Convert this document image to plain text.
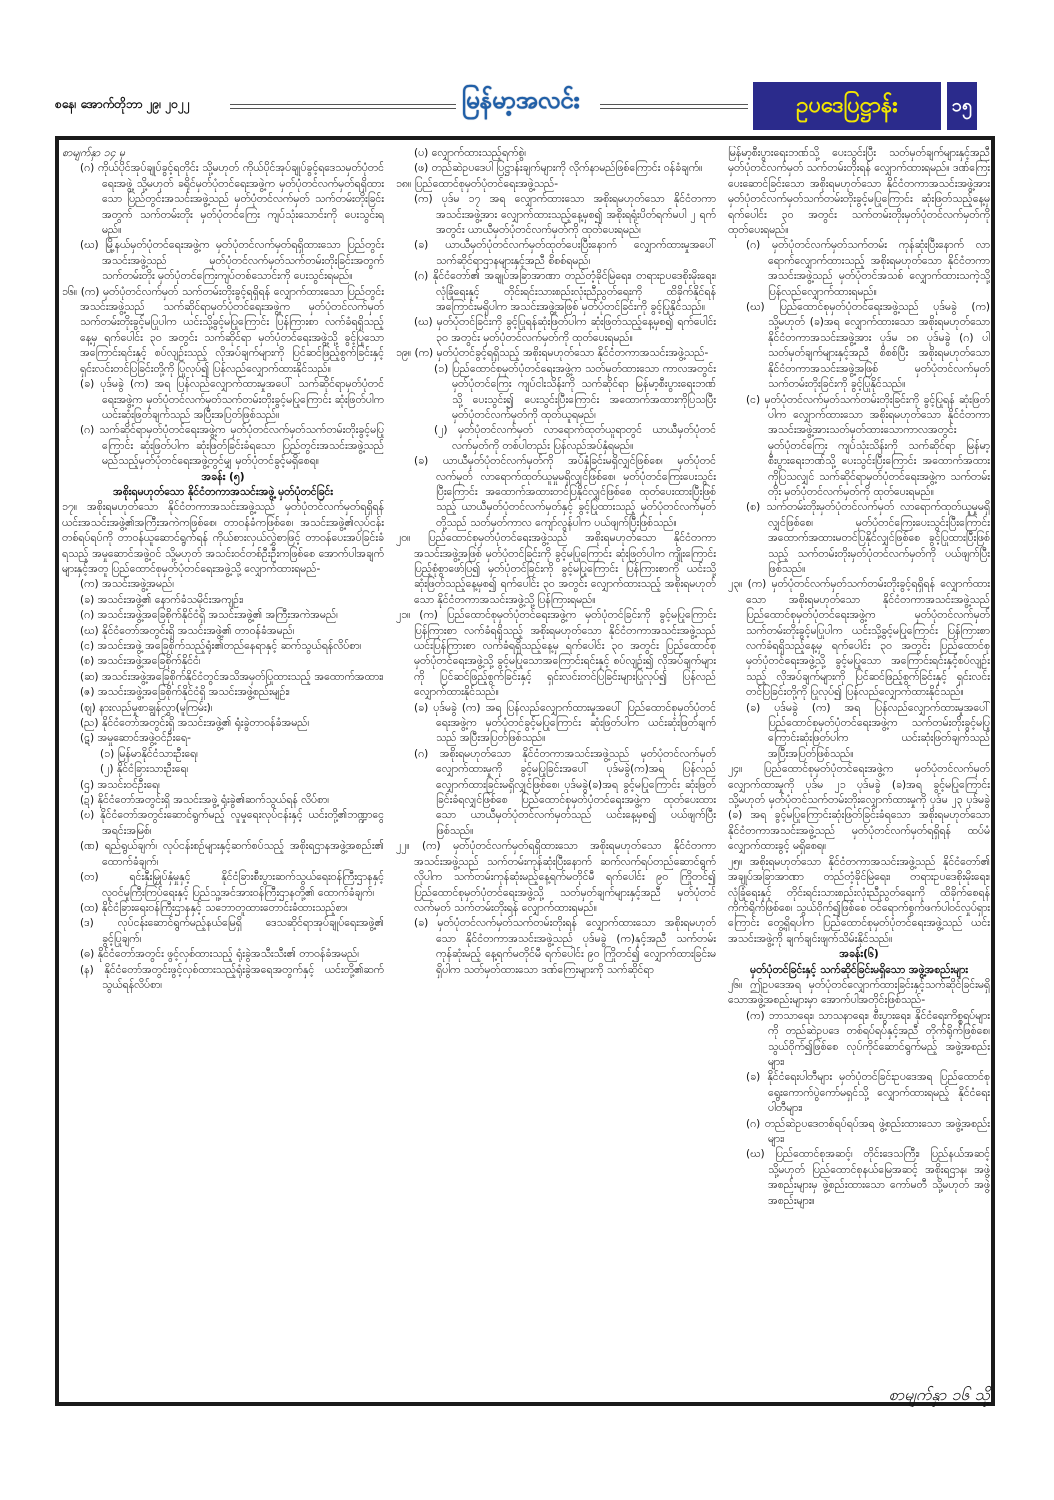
စနေ၊ အောက်တိုဘာ ၂၉၊ ၂၀၂၂	မြန်မာ့အလင်း	ဥပဒေပြဋ္ဌာန်း	၁၅

စာမျက်နှာ ၁၄ မှ

(ဂ) ကိုယ်ပိုင်အုပ်ချုပ်ခွင့်ရတိုင်း သို့မဟုတ် ကိုယ်ပိုင်အုပ်ချုပ်ခွင့်ရဒေသမှတ်ပုံတင်ရေးအဖွဲ့ သို့မဟုတ် ခရိုင်မှတ်ပုံတင်ရေးအဖွဲ့က မှတ်ပုံတင်လက်မှတ်ရရှိထားသော ပြည်တွင်းအသင်းအဖွဲ့သည် မှတ်ပုံတင်လက်မှတ် သက်တမ်းတိုးခြင်းအတွက် သက်တမ်းတိုး မှတ်ပုံတင်ကြေး ကျပ်သုံးသောင်းကို ပေးသွင်းရမည်။

(ဃ) မြို့နယ်မှတ်ပုံတင်ရေးအဖွဲ့က မှတ်ပုံတင်လက်မှတ်ရရှိထားသော ပြည်တွင်းအသင်းအဖွဲ့သည် မှတ်ပုံတင်လက်မှတ်သက်တမ်းတိုးခြင်းအတွက် သက်တမ်းတိုး မှတ်ပုံတင်ကြေးကျပ်တစ်သောင်းကို ပေးသွင်းရမည်။

၁၆။ (က) မှတ်ပုံတင်လက်မှတ် သက်တမ်းတိုးခွင့်ရရှိရန် လျှောက်ထားသော ပြည်တွင်းအသင်းအဖွဲ့သည် သက်ဆိုင်ရာမှတ်ပုံတင်ရေးအဖွဲ့က မှတ်ပုံတင်လက်မှတ် သက်တမ်းတိုးခွင့်မပြုပါက ယင်းသို့ခွင့်မပြုကြောင်း ပြန်ကြားစာ လက်ခံရရှိသည့်နေ့မှ ရက်ပေါင်း ၃၀ အတွင်း သက်ဆိုင်ရာ မှတ်ပုံတင်ရေးအဖွဲ့သို့ ခွင့်ပြုသော အကြောင်းရင်းနှင့် စပ်လျဉ်းသည့် လိုအပ်ချက်များကို ပြင်ဆင်ဖြည့်စွက်ခြင်းနှင့် ရှင်းလင်းတင်ပြခြင်းတို့ကို ပြုလုပ်၍ ပြန်လည်လျှောက်ထားနိုင်သည်။

(ခ) ပုဒ်မခွဲ (က) အရ ပြန်လည်လျှောက်ထားမှုအပေါ် သက်ဆိုင်ရာမှတ်ပုံတင်ရေးအဖွဲ့က မှတ်ပုံတင်လက်မှတ်သက်တမ်းတိုးခွင့်မပြုကြောင်း ဆုံးဖြတ်ပါက ယင်းဆုံးဖြတ်ချက်သည် အပြီးအပြတ်ဖြစ်သည်။

(ဂ) သက်ဆိုင်ရာမှတ်ပုံတင်ရေးအဖွဲ့က မှတ်ပုံတင်လက်မှတ်သက်တမ်းတိုးခွင့်မပြုကြောင်း ဆုံးဖြတ်ပါက ဆုံးဖြတ်ခြင်းခံရသော ပြည်တွင်းအသင်းအဖွဲ့သည် မည်သည့်မှတ်ပုံတင်ရေးအဖွဲ့တွင်မျှ မှတ်ပုံတင်ခွင့်မရှိစေရ။

အခန်း (၅)

အစိုးရမဟုတ်သော နိုင်ငံတကာအသင်းအဖွဲ့ မှတ်ပုံတင်ခြင်း

၁၇။ အစိုးရမဟုတ်သော နိုင်ငံတကာအသင်းအဖွဲ့သည် မှတ်ပုံတင်လက်မှတ်ရရှိရန် ယင်းအသင်းအဖွဲ့၏အကြီးအကဲကဖြစ်စေ၊ တာဝန်ခံကဖြစ်စေ၊ အသင်းအဖွဲ့၏လုပ်ငန်းတစ်ရပ်ရပ်ကို တာဝန်ယူဆောင်ရွက်ရန် ကိုယ်စားလှယ်လွှဲစာဖြင့် တာဝန်ပေးအပ်ခြင်းခံရသည့် အမှုဆောင်အဖွဲ့ဝင် သို့မဟုတ် အသင်းဝင်တစ်ဦးဦးကဖြစ်စေ အောက်ပါအချက်များနှင့်အတူ ပြည်ထောင်စုမှတ်ပုံတင်ရေးအဖွဲ့သို့ လျှောက်ထားရမည်-

(က) အသင်းအဖွဲ့အမည်၊

(ခ) အသင်းအဖွဲ့၏ နောက်ခံသမိုင်းအကျဉ်း၊

(ဂ) အသင်းအဖွဲ့အခြေစိုက်နိုင်ငံရှိ အသင်းအဖွဲ့၏ အကြီးအကဲအမည်၊

(ဃ) နိုင်ငံတော်အတွင်းရှိ အသင်းအဖွဲ့၏ တာဝန်ခံအမည်၊

(င) အသင်းအဖွဲ့ အခြေစိုက်သည့်ရုံး၏တည်နေရာနှင့် ဆက်သွယ်ရန်လိပ်စာ၊

(စ) အသင်းအဖွဲ့အခြေစိုက်နိုင်ငံ၊

(ဆ) အသင်းအဖွဲ့အခြေစိုက်နိုင်ငံတွင်အသိအမှတ်ပြုထားသည့် အထောက်အထား၊

(ဇ) အသင်းအဖွဲ့အခြေစိုက်နိုင်ငံရှိ အသင်းအဖွဲ့စည်းမျဉ်း၊

(ဈ) နားလည်မှုစာချွန်လွှာ(မူကြမ်း)၊

(ည) နိုင်ငံတော်အတွင်းရှိ အသင်းအဖွဲ့၏ ရုံးခွဲတာဝန်ခံအမည်၊

(ဋ) အမှုဆောင်အဖွဲ့ဝင်ဦးရေ-

(၁) မြန်မာနိုင်ငံသားဦးရေ၊

(၂) နိုင်ငံခြားသားဦးရေ၊

(ဌ) အသင်းဝင်ဦးရေ၊

(ဍ) နိုင်ငံတော်အတွင်းရှိ အသင်းအဖွဲ့ ရုံးခွဲ၏ဆက်သွယ်ရန် လိပ်စာ၊

(ဎ) နိုင်ငံတော်အတွင်းဆောင်ရွက်မည့် လူမှုရေးလုပ်ငန်းနှင့် ယင်းတို့၏ဘဏ္ဍာငွေအရင်းအမြစ်၊

(ဏ) ရည်ရွယ်ချက်၊ လုပ်ငန်းစဉ်များနှင့်ဆက်စပ်သည့် အစိုးရဌာနအဖွဲ့အစည်း၏ ထောက်ခံချက်၊

(တ) ရင်းနှီးမြှုပ်နှံမှုနှင့် နိုင်ငံခြားစီးပွားဆက်သွယ်ရေးဝန်ကြီးဌာနနှင့် လူဝင်မှုကြီးကြပ်ရေးနှင့် ပြည်သူ့အင်အားဝန်ကြီးဌာနတို့၏ ထောက်ခံချက်၊

(ထ) နိုင်ငံခြားရေးဝန်ကြီးဌာနနှင့် သဘောတူထားတောင်းခံထားသည့်စာ၊

(ဒ) လုပ်ငန်းဆောင်ရွက်မည့်နယ်မြေရှိ ဒေသဆိုင်ရာအုပ်ချုပ်ရေးအဖွဲ့၏ ခွင့်ပြုချက်၊

(ဓ) နိုင်ငံတော်အတွင်း ဖွင့်လှစ်ထားသည့် ရုံးခွဲအသီးသီး၏ တာဝန်ခံအမည်၊

(န) နိုင်ငံတော်အတွင်းဖွင့်လှစ်ထားသည့်ရုံးခွဲအရေအတွက်နှင့် ယင်းတို့၏ဆက်သွယ်ရန်လိပ်စာ၊

(ပ) လျှောက်ထားသည့်ရက်စွဲ၊

(ဖ) တည်ဆဲဥပဒေပါ ပြဋ္ဌာန်းချက်များကို လိုက်နာမည်ဖြစ်ကြောင်း ဝန်ခံချက်။

၁၈။ ပြည်ထောင်စုမှတ်ပုံတင်ရေးအဖွဲ့သည်-

(က) ပုဒ်မ ၁၇ အရ လျှောက်ထားသော အစိုးရမဟုတ်သော နိုင်ငံတကာအသင်းအဖွဲ့အား လျှောက်ထားသည့်နေ့မှစ၍ အစိုးရရုံးပိတ်ရက်မပါ ၂ ရက်အတွင်း ယာယီမှတ်ပုံတင်လက်မှတ်ကို ထုတ်ပေးရမည်၊

(ခ) ယာယီမှတ်ပုံတင်လက်မှတ်ထုတ်ပေးပြီးနောက် လျှောက်ထားမှုအပေါ် သက်ဆိုင်ရာဌာနများနှင့်အညီ စိစစ်ရမည်၊

(ဂ) နိုင်ငံတော်၏ အချုပ်အခြာအာဏာ တည်တံ့ခိုင်မြဲရေး၊ တရားဥပဒေစိုးမိုးရေး၊ လုံခြုံရေးနှင့် တိုင်းရင်းသားစည်းလုံးညီညွတ်ရေးကို ထိခိုက်နိုင်ရန် အကြောင်းမရှိပါက အသင်းအဖွဲ့အဖြစ် မှတ်ပုံတင်ခြင်းကို ခွင့်ပြုနိုင်သည်။

(ဃ) မှတ်ပုံတင်ခြင်းကို ခွင့်ပြုရန်ဆုံးဖြတ်ပါက ဆုံးဖြတ်သည့်နေ့မှစ၍ ရက်ပေါင်း ၃၀ အတွင်း မှတ်ပုံတင်လက်မှတ်ကို ထုတ်ပေးရမည်။

၁၉။ (က) မှတ်ပုံတင်ခွင့်ရရှိသည့် အစိုးရမဟုတ်သော နိုင်ငံတကာအသင်းအဖွဲ့သည်-

(၁) ပြည်ထောင်စုမှတ်ပုံတင်ရေးအဖွဲ့က သတ်မှတ်ထားသော ကာလအတွင်း မှတ်ပုံတင်ကြေး ကျပ်ငါးသိန်းကို သက်ဆိုင်ရာ မြန်မာ့စီးပွားရေးဘဏ်သို့ ပေးသွင်း၍ ပေးသွင်းပြီးကြောင်း အထောက်အထားကိုပြသပြီး မှတ်ပုံတင်လက်မှတ်ကို ထုတ်ယူရမည်၊

(၂) မှတ်ပုံတင်လက်မှတ် လာရောက်ထုတ်ယူရာတွင် ယာယီမှတ်ပုံတင်လက်မှတ်ကို တစ်ပါတည်း ပြန်လည်အပ်နှံရမည်။

(ခ) ယာယီမှတ်ပုံတင်လက်မှတ်ကို အပ်နှံခြင်းမရှိလျှင်ဖြစ်စေ၊ မှတ်ပုံတင်လက်မှတ် လာရောက်ထုတ်ယူမှုမရှိလျှင်ဖြစ်စေ၊ မှတ်ပုံတင်ကြေးပေးသွင်းပြီးကြောင်း အထောက်အထားတင်ပြနိုင်လျှင်ဖြစ်စေ ထုတ်ပေးထားပြီးဖြစ်သည့် ယာယီမှတ်ပုံတင်လက်မှတ်နှင့် ခွင့်ပြုထားသည့် မှတ်ပုံတင်လက်မှတ်တို့သည် သတ်မှတ်ကာလ ကျော်လွန်ပါက ပယ်ဖျက်ပြီးဖြစ်သည်။

၂၀။ ပြည်ထောင်စုမှတ်ပုံတင်ရေးအဖွဲ့သည် အစိုးရမဟုတ်သော နိုင်ငံတကာအသင်းအဖွဲ့အဖြစ် မှတ်ပုံတင်ခြင်းကို ခွင့်မပြုကြောင်း ဆုံးဖြတ်ပါက ကျိုးကြောင်းပြည့်စုံစွာဖော်ပြ၍ မှတ်ပုံတင်ခြင်းကို ခွင့်မပြုကြောင်း ပြန်ကြားစာကို ယင်းသို့ဆုံးဖြတ်သည့်နေ့မှစ၍ ရက်ပေါင်း ၃၀ အတွင်း လျှောက်ထားသည့် အစိုးရမဟုတ်သော နိုင်ငံတကာအသင်းအဖွဲ့သို့ ပြန်ကြားရမည်။

၂၁။ (က) ပြည်ထောင်စုမှတ်ပုံတင်ရေးအဖွဲ့က မှတ်ပုံတင်ခြင်းကို ခွင့်မပြုကြောင်း ပြန်ကြားစာ လက်ခံရရှိသည့် အစိုးရမဟုတ်သော နိုင်ငံတကာအသင်းအဖွဲ့သည် ယင်းပြန်ကြားစာ လက်ခံရရှိသည့်နေ့မှ ရက်ပေါင်း ၃၀ အတွင်း ပြည်ထောင်စုမှတ်ပုံတင်ရေးအဖွဲ့သို့ ခွင့်မပြုသောအကြောင်းရင်းနှင့် စပ်လျဉ်း၍ လိုအပ်ချက်များကို ပြင်ဆင်ဖြည့်စွက်ခြင်းနှင့် ရှင်းလင်းတင်ပြခြင်းများပြုလုပ်၍ ပြန်လည်လျှောက်ထားနိုင်သည်။

(ခ) ပုဒ်မခွဲ (က) အရ ပြန်လည်လျှောက်ထားမှုအပေါ် ပြည်ထောင်စုမှတ်ပုံတင်ရေးအဖွဲ့က မှတ်ပုံတင်ခွင့်မပြုကြောင်း ဆုံးဖြတ်ပါက ယင်းဆုံးဖြတ်ချက်သည် အပြီးအပြတ်ဖြစ်သည်။

(ဂ) အစိုးရမဟုတ်သော နိုင်ငံတကာအသင်းအဖွဲ့သည် မှတ်ပုံတင်လက်မှတ် လျှောက်ထားမှုကို ခွင့်မပြုခြင်းအပေါ် ပုဒ်မခွဲ(က)အရ ပြန်လည်လျှောက်ထားခြင်းမရှိလျှင်ဖြစ်စေ၊ ပုဒ်မခွဲ(ခ)အရ ခွင့်မပြုကြောင်း ဆုံးဖြတ်ခြင်းခံရလျှင်ဖြစ်စေ ပြည်ထောင်စုမှတ်ပုံတင်ရေးအဖွဲ့က ထုတ်ပေးထားသော ယာယီမှတ်ပုံတင်လက်မှတ်သည် ယင်းနေ့မှစ၍ ပယ်ဖျက်ပြီးဖြစ်သည်။

၂၂။ (က) မှတ်ပုံတင်လက်မှတ်ရရှိထားသော အစိုးရမဟုတ်သော နိုင်ငံတကာအသင်းအဖွဲ့သည် သက်တမ်းကုန်ဆုံးပြီးနောက် ဆက်လက်ရပ်တည်ဆောင်ရွက်လိုပါက သက်တမ်းကုန်ဆုံးမည့်နေ့ရက်မတိုင်မီ ရက်ပေါင်း ၉၀ ကြိုတင်၍ ပြည်ထောင်စုမှတ်ပုံတင်ရေးအဖွဲ့သို့ သတ်မှတ်ချက်များနှင့်အညီ မှတ်ပုံတင်လက်မှတ် သက်တမ်းတိုးရန် လျှောက်ထားရမည်။

(ခ) မှတ်ပုံတင်လက်မှတ်သက်တမ်းတိုးရန် လျှောက်ထားသော အစိုးရမဟုတ်သော နိုင်ငံတကာအသင်းအဖွဲ့သည် ပုဒ်မခွဲ (က)နှင့်အညီ သက်တမ်းကုန်ဆုံးမည့် နေ့ရက်မတိုင်မီ ရက်ပေါင်း ၉၀ ကြိုတင်၍ လျှောက်ထားခြင်းမရှိပါက သတ်မှတ်ထားသော ဒဏ်ကြေးများကို သက်ဆိုင်ရာ

မြန်မာ့စီးပွားရေးဘဏ်သို့ ပေးသွင်းပြီး သတ်မှတ်ချက်များနှင့်အညီ မှတ်ပုံတင်လက်မှတ် သက်တမ်းတိုးရန် လျှောက်ထားရမည်။ ဒဏ်ကြေးပေးဆောင်ခြင်းသော အစိုးရမဟုတ်သော နိုင်ငံတကာအသင်းအဖွဲ့အား မှတ်ပုံတင်လက်မှတ်သက်တမ်းတိုးခွင့်မပြုကြောင်း ဆုံးဖြတ်သည့်နေ့မှ ရက်ပေါင်း ၃၀ အတွင်း သက်တမ်းတိုးမှတ်ပုံတင်လက်မှတ်ကို ထုတ်ပေးရမည်။

(ဂ) မှတ်ပုံတင်လက်မှတ်သက်တမ်း ကုန်ဆုံးပြီးနောက် လာရောက်လျှောက်ထားသည့် အစိုးရမဟုတ်သော နိုင်ငံတကာအသင်းအဖွဲ့သည် မှတ်ပုံတင်အသစ် လျှောက်ထားသကဲ့သို့ ပြန်လည်လျှောက်ထားရမည်။

(ဃ) ပြည်ထောင်စုမှတ်ပုံတင်ရေးအဖွဲ့သည် ပုဒ်မခွဲ (က) သို့မဟုတ် (ခ)အရ လျှောက်ထားသော အစိုးရမဟုတ်သော နိုင်ငံတကာအသင်းအဖွဲ့အား ပုဒ်မ ၁၈ ပုဒ်မခွဲ (ဂ) ပါ သတ်မှတ်ချက်များနှင့်အညီ စိစစ်ပြီး အစိုးရမဟုတ်သော နိုင်ငံတကာအသင်းအဖွဲ့အဖြစ် မှတ်ပုံတင်လက်မှတ် သက်တမ်းတိုးခြင်းကို ခွင့်ပြုနိုင်သည်။

(င) မှတ်ပုံတင်လက်မှတ်သက်တမ်းတိုးခြင်းကို ခွင့်ပြုရန် ဆုံးဖြတ်ပါက လျှောက်ထားသော အစိုးရမဟုတ်သော နိုင်ငံတကာအသင်းအဖွဲ့အားသတ်မှတ်ထားသောကာလအတွင်း မှတ်ပုံတင်ကြေး ကျပ်သုံးသိန်းကို သက်ဆိုင်ရာ မြန်မာ့စီးပွားရေးဘဏ်သို့ ပေးသွင်းပြီးကြောင်း အထောက်အထားကိုပြသလျှင် သက်ဆိုင်ရာမှတ်ပုံတင်ရေးအဖွဲ့က သက်တမ်းတိုး မှတ်ပုံတင်လက်မှတ်ကို ထုတ်ပေးရမည်။

(စ) သက်တမ်းတိုးမှတ်ပုံတင်လက်မှတ် လာရောက်ထုတ်ယူမှုမရှိလျှင်ဖြစ်စေ၊ မှတ်ပုံတင်ကြေးပေးသွင်းပြီးကြောင်း အထောက်အထားမတင်ပြနိုင်လျှင်ဖြစ်စေ ခွင့်ပြုထားပြီးဖြစ်သည့် သက်တမ်းတိုးမှတ်ပုံတင်လက်မှတ်ကို ပယ်ဖျက်ပြီးဖြစ်သည်။

၂၃။ (က) မှတ်ပုံတင်လက်မှတ်သက်တမ်းတိုးခွင့်ရရှိရန် လျှောက်ထားသော အစိုးရမဟုတ်သော နိုင်ငံတကာအသင်းအဖွဲ့သည် ပြည်ထောင်စုမှတ်ပုံတင်ရေးအဖွဲ့က မှတ်ပုံတင်လက်မှတ် သက်တမ်းတိုးခွင့်မပြုပါက ယင်းသို့ခွင့်မပြုကြောင်း ပြန်ကြားစာလက်ခံရရှိသည့်နေ့မှ ရက်ပေါင်း ၃၀ အတွင်း ပြည်ထောင်စုမှတ်ပုံတင်ရေးအဖွဲ့သို့ ခွင့်မပြုသော အကြောင်းရင်းနှင့်စပ်လျဉ်းသည့် လိုအပ်ချက်များကို ပြင်ဆင်ဖြည့်စွက်ခြင်းနှင့် ရှင်းလင်းတင်ပြခြင်းတို့ကို ပြုလုပ်၍ ပြန်လည်လျှောက်ထားနိုင်သည်။

(ခ) ပုဒ်မခွဲ (က) အရ ပြန်လည်လျှောက်ထားမှုအပေါ် ပြည်ထောင်စုမှတ်ပုံတင်ရေးအဖွဲ့က သက်တမ်းတိုးခွင့်မပြုကြောင်းဆုံးဖြတ်ပါက ယင်းဆုံးဖြတ်ချက်သည် အပြီးအပြတ်ဖြစ်သည်။

၂၄။ ပြည်ထောင်စုမှတ်ပုံတင်ရေးအဖွဲ့က မှတ်ပုံတင်လက်မှတ် လျှောက်ထားမှုကို ပုဒ်မ ၂၁ ပုဒ်မခွဲ (ခ)အရ ခွင့်မပြုကြောင်း သို့မဟုတ် မှတ်ပုံတင်သက်တမ်းတိုးလျှောက်ထားမှုကို ပုဒ်မ ၂၃ ပုဒ်မခွဲ (ခ) အရ ခွင့်မပြုကြောင်းဆုံးဖြတ်ခြင်းခံရသော အစိုးရမဟုတ်သော နိုင်ငံတကာအသင်းအဖွဲ့သည် မှတ်ပုံတင်လက်မှတ်ရရှိရန် ထပ်မံလျှောက်ထားခွင့် မရှိစေရ။

၂၅။ အစိုးရမဟုတ်သော နိုင်ငံတကာအသင်းအဖွဲ့သည် နိုင်ငံတော်၏ အချုပ်အခြာအာဏာ တည်တံ့ခိုင်မြဲရေး၊ တရားဥပဒေစိုးမိုးရေး၊ လုံခြုံရေးနှင့် တိုင်းရင်းသားစည်းလုံးညီညွတ်ရေးကို ထိခိုက်စေရန် ကိုက်ရိုက်ဖြစ်စေ၊ သွယ်ဝိုက်၍ဖြစ်စေ ဝင်ရောက်စွက်ဖက်ပါဝင်လှုပ်ရှားကြောင်း တွေ့ရှိရပါက ပြည်ထောင်စုမှတ်ပုံတင်ရေးအဖွဲ့သည် ယင်းအသင်းအဖွဲ့ကို ချက်ချင်းဖျက်သိမ်းနိုင်သည်။

အခန်း(၆)

မှတ်ပုံတင်ခြင်းနှင့် သက်ဆိုင်ခြင်းမရှိသော အဖွဲ့အစည်းများ

၂၆။ ဤဥပဒေအရ မှတ်ပုံတင်လျှောက်ထားခြင်းနှင့်သက်ဆိုင်ခြင်းမရှိသောအဖွဲ့အစည်းများမှာ အောက်ပါအတိုင်းဖြစ်သည်-

(က) ဘာသာရေး၊ သာသနာရေး၊ စီးပွားရေး၊ နိုင်ငံရေးကိစ္စရပ်များကို တည်ဆဲဥပဒေ တစ်ရပ်ရပ်နှင့်အညီ တိုက်ရိုက်ဖြစ်စေ၊ သွယ်ဝိုက်၍ဖြစ်စေ လုပ်ကိုင်ဆောင်ရွက်မည့် အဖွဲ့အစည်းများ၊

(ခ) နိုင်ငံရေးပါတီများ မှတ်ပုံတင်ခြင်းဥပဒေအရ ပြည်ထောင်စုရွေးကောက်ပွဲကော်မရှင်သို့ လျှောက်ထားရမည့် နိုင်ငံရေးပါတီများ၊

(ဂ) တည်ဆဲဥပဒေတစ်ရပ်ရပ်အရ ဖွဲ့စည်းထားသော အဖွဲ့အစည်းများ၊

(ဃ) ပြည်ထောင်စုအဆင့်၊ တိုင်းဒေသကြီး၊ ပြည်နယ်အဆင့် သို့မဟုတ် ပြည်ထောင်စုနယ်မြေအဆင့် အစိုးရဌာန၊ အဖွဲ့အစည်းများမှ ဖွဲ့စည်းထားသော ကော်မတီ သို့မဟုတ် အဖွဲ့အစည်းများ။

စာမျက်နှာ ၁၆ သို့
